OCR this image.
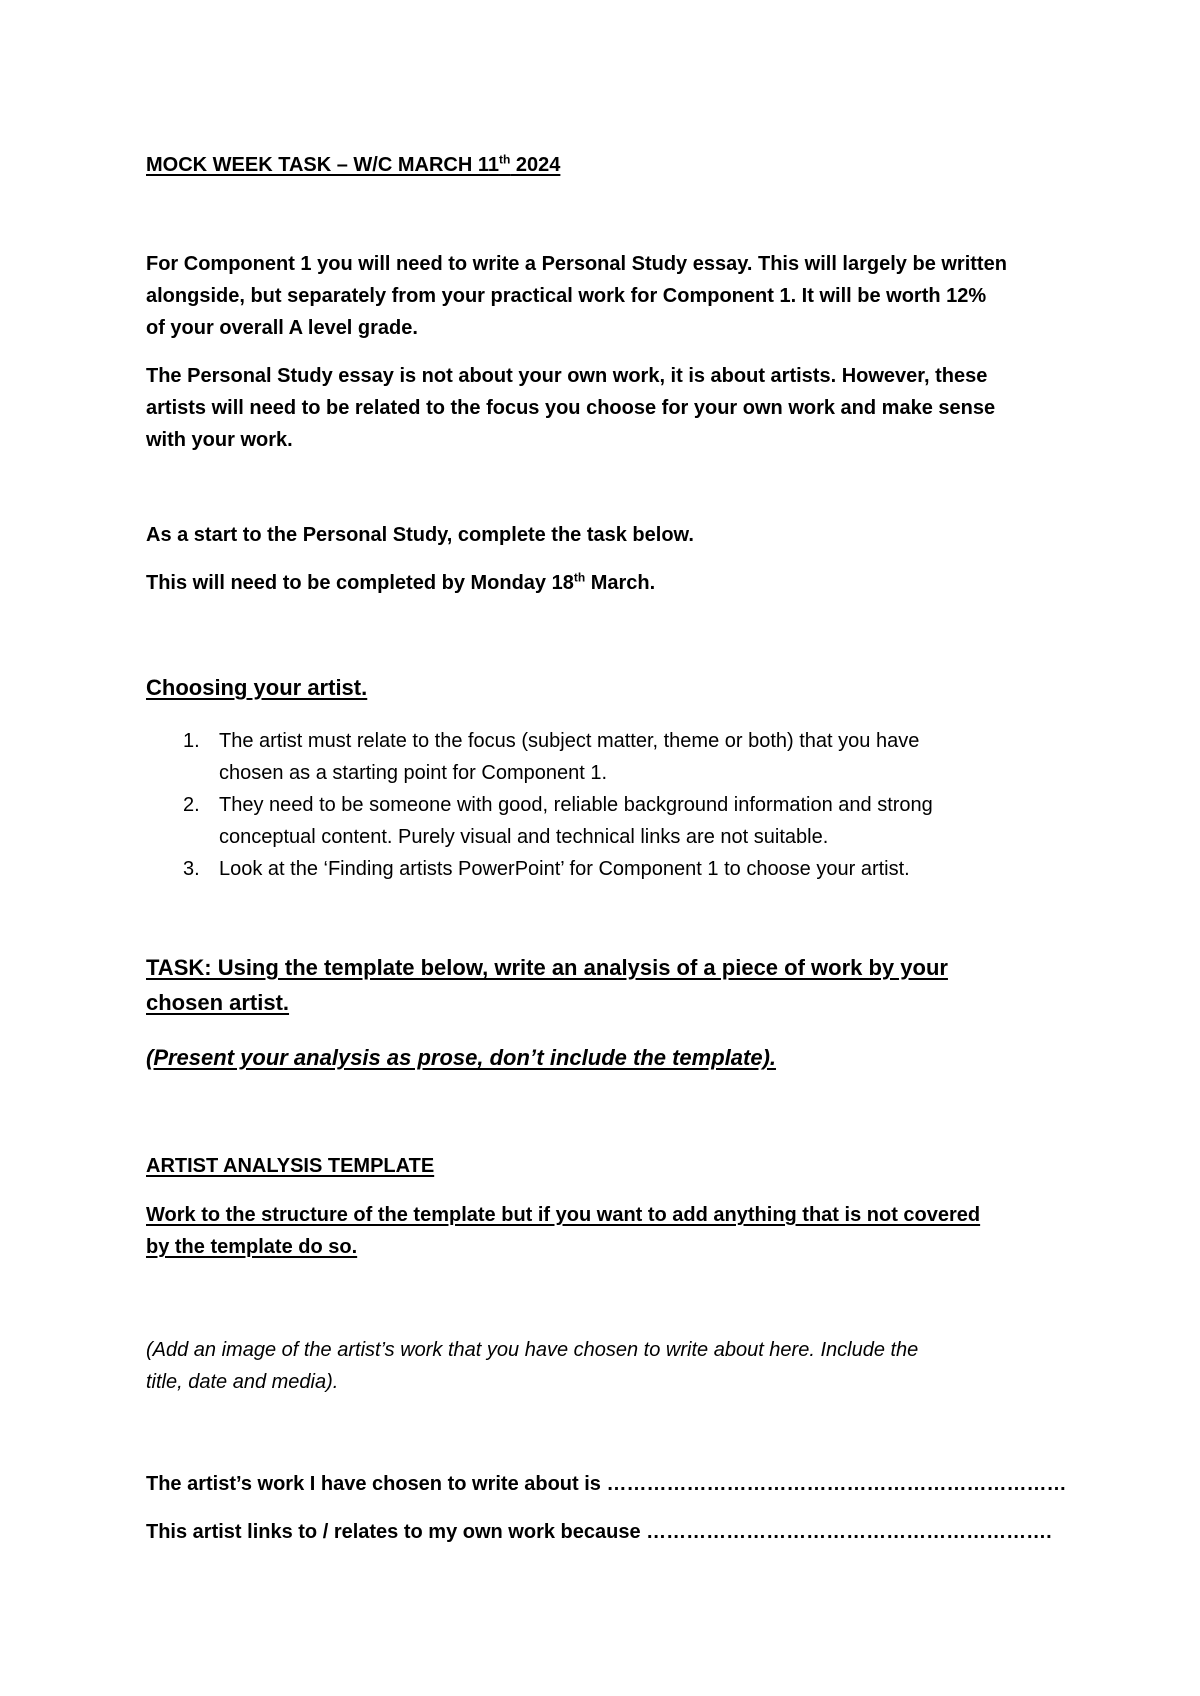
MOCK WEEK TASK – W/C MARCH 11th 2024

For Component 1 you will need to write a Personal Study essay. This will largely be written

alongside, but separately from your practical work for Component 1. It will be worth 12%

of your overall A level grade.

The Personal Study essay is not about your own work, it is about artists. However, these

artists will need to be related to the focus you choose for your own work and make sense

with your work.

As a start to the Personal Study, complete the task below.

This will need to be completed by Monday 18th March.

Choosing your artist.

1. The artist must relate to the focus (subject matter, theme or both) that you have
chosen as a starting point for Component 1.
2. They need to be someone with good, reliable background information and strong
conceptual content. Purely visual and technical links are not suitable.
3. Look at the ‘Finding artists PowerPoint’ for Component 1 to choose your artist.

TASK: Using the template below, write an analysis of a piece of work by your

chosen artist.

(Present your analysis as prose, don’t include the template).

ARTIST ANALYSIS TEMPLATE

Work to the structure of the template but if you want to add anything that is not covered

by the template do so.

(Add an image of the artist’s work that you have chosen to write about here. Include the

title, date and media).

The artist’s work I have chosen to write about is ……………………………………………………………

This artist links to / relates to my own work because …………………………………………………….
